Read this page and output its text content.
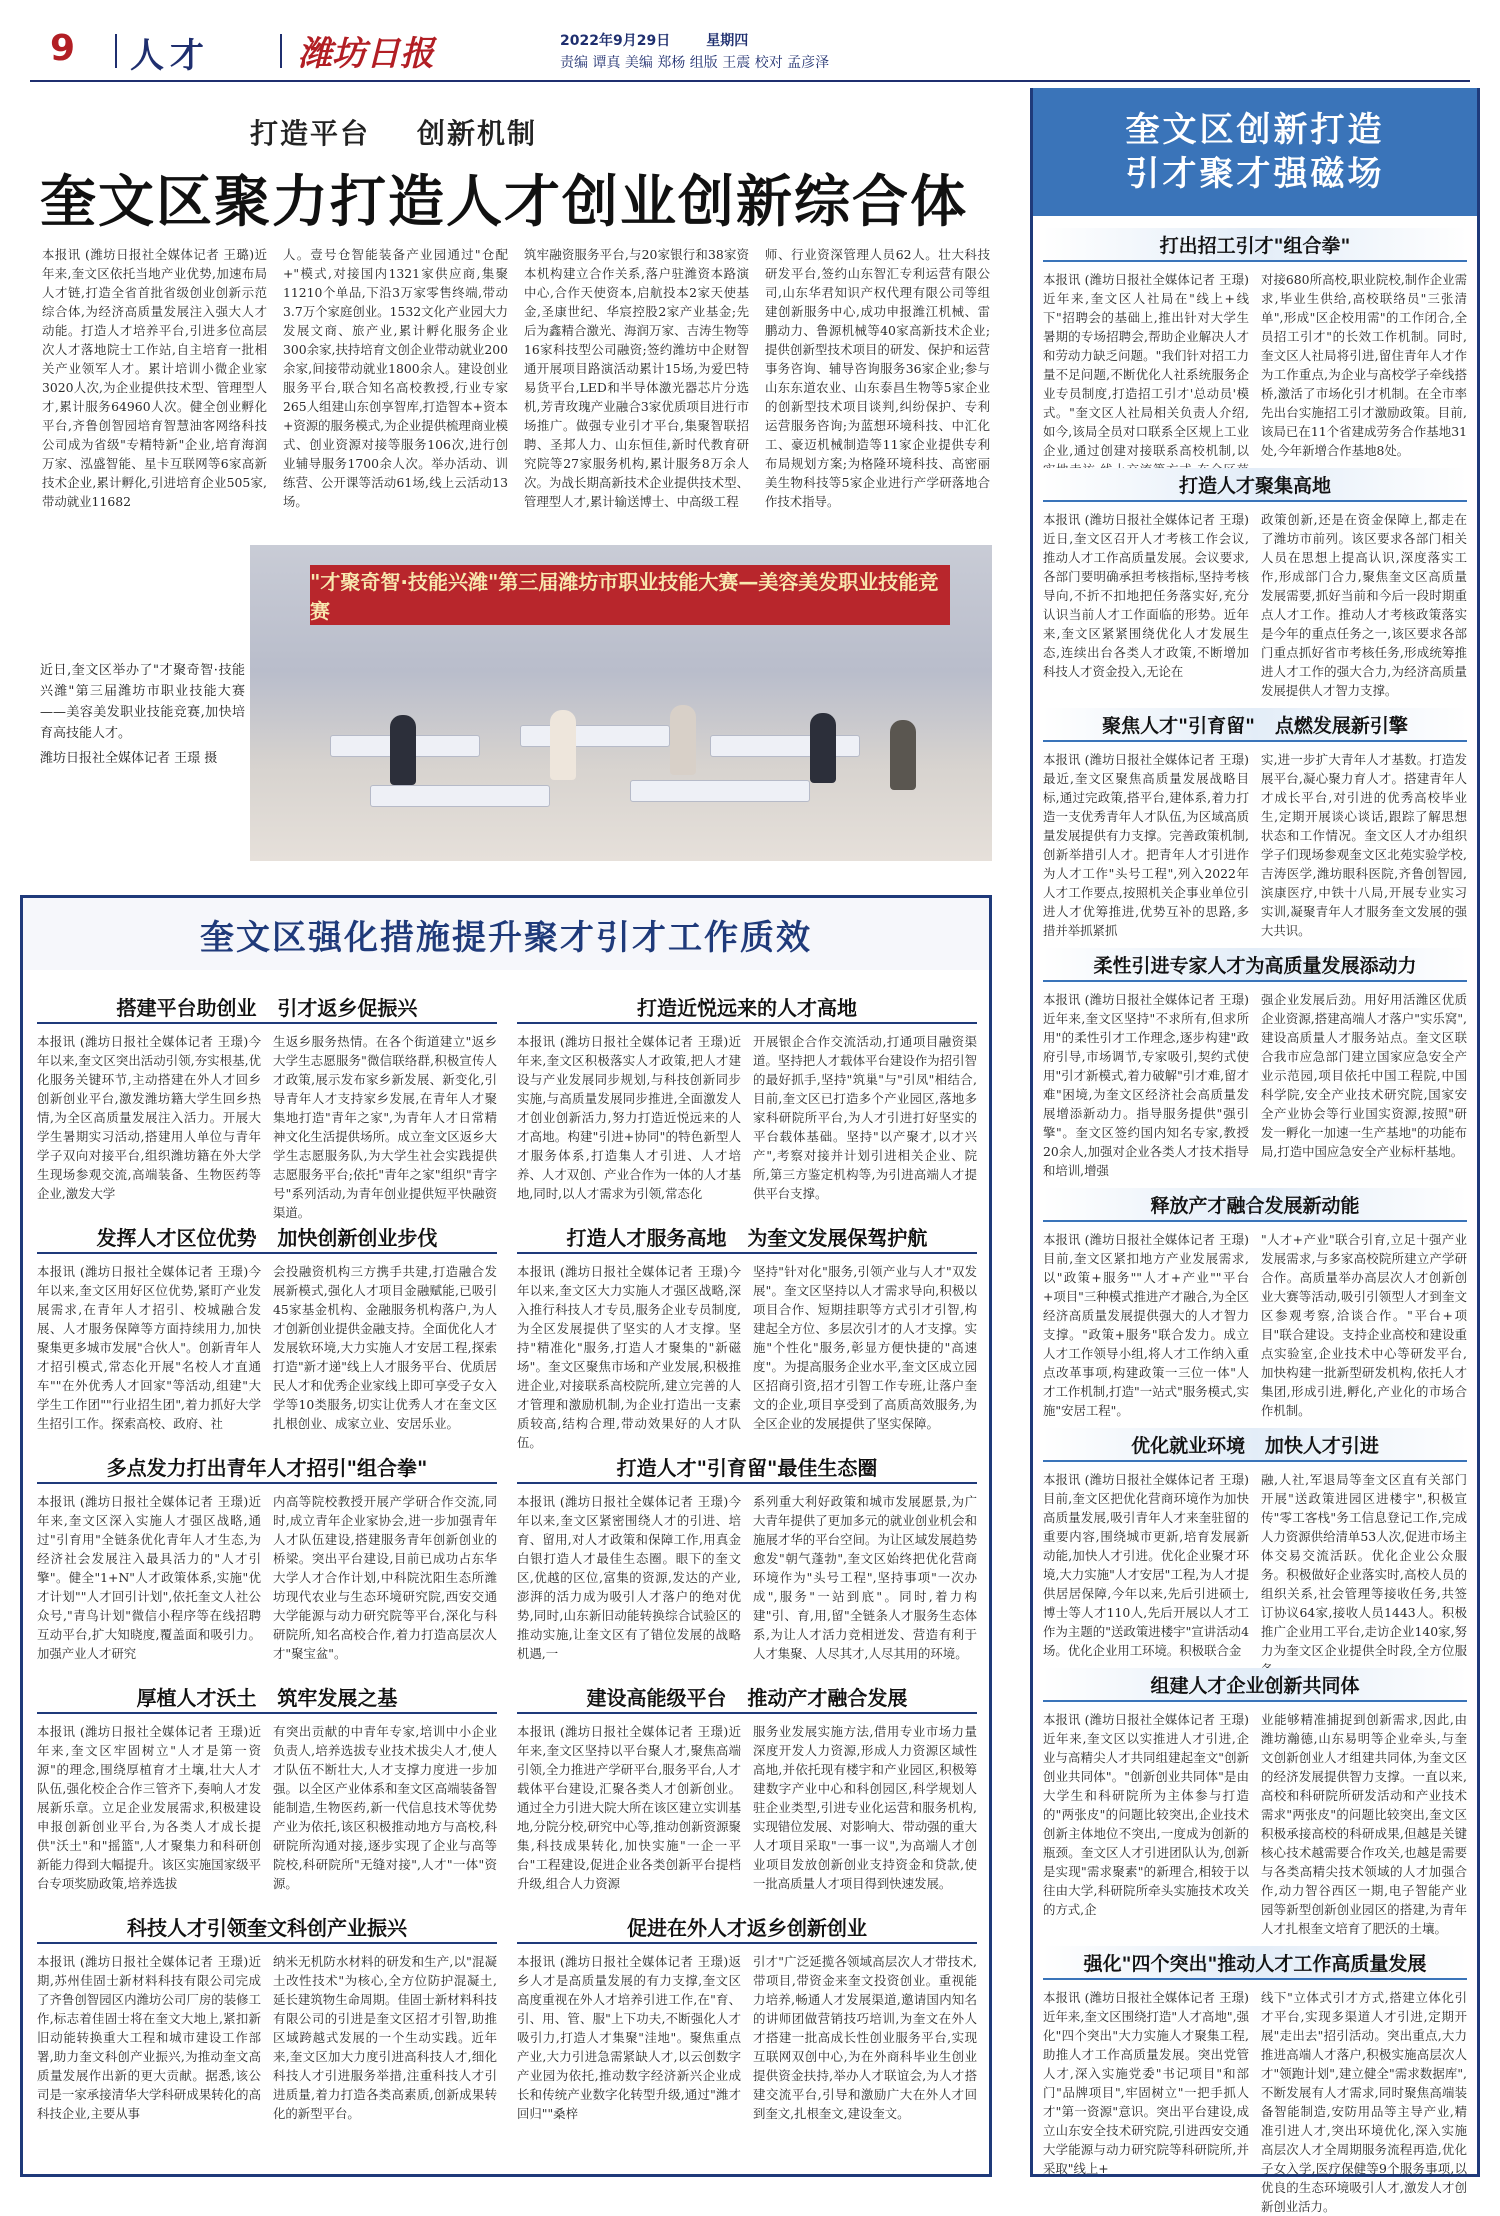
9 人才	潍坊日报	2022年9月29日	星期四
责编 谭真 美编 郑杨 组版 王震 校对 孟彦泽
打造平台    创新机制
奎文区聚力打造人才创业创新综合体
本报讯 (潍坊日报社全媒体记者 王璐)近年来,奎文区依托当地产业优势,加速布局人才链,打造全省首批省级创业创新示范综合体,为经济高质量发展注入强大人才动能。打造人才培养平台,引进多位高层次人才落地院士工作站,自主培育一批相关产业领军人才。累计培训小微企业家3020人次,为企业提供技术型、管理型人才,累计服务64960人次。健全创业孵化平台,齐鲁创智园培育智慧油客网络科技公司成为省级"专精特新"企业,培育海润万家、泓盛智能、星卡互联网等6家高新技术企业,累计孵化,引进培育企业505家,带动就业11682
人。壹号仓智能装备产业园通过"仓配+"模式,对接国内1321家供应商,集聚11210个单品,下沿3万家零售终端,带动3.7万个家庭创业。1532文化产业园大力发展文商、旅产业,累计孵化服务企业300余家,扶持培育文创企业带动就业200余家,间接带动就业1800余人。建设创业服务平台,联合知名高校教授,行业专家265人组建山东创享智库,打造智本+资本+资源的服务模式,为企业提供梳理商业模式、创业资源对接等服务106次,进行创业辅导服务1700余人次。举办活动、训练营、公开课等活动61场,线上云活动13场。
筑牢融资服务平台,与20家银行和38家资本机构建立合作关系,落户驻潍资本路演中心,合作天使资本,启航投本2家天使基金,圣康世纪、华宸控股2家产业基金;先后为鑫精合激光、海润万家、吉涛生物等16家科技型公司融资;签约潍坊中企财智通开展项目路演活动累计15场,为爱巴特易货平台,LED和半导体激光器芯片分选机,芳青玫瑰产业融合3家优质项目进行市场推广。做强专业引才平台,集聚智联招聘、圣邦人力、山东恒佳,新时代教育研究院等27家服务机构,累计服务8万余人次。为战长期高新技术企业提供技术型、管理型人才,累计输送博士、中高级工程
师、行业资深管理人员62人。壮大科技研发平台,签约山东智汇专利运营有限公司,山东华君知识产权代理有限公司等组建创新服务中心,成功申报潍江机械、雷鹏动力、鲁源机械等40家高新技术企业;提供创新型技术项目的研发、保护和运营事务咨询、辅导咨询服务36家企业;参与山东东道农业、山东泰昌生物等5家企业的创新型技术项目谈判,纠纷保护、专利运营服务咨询;为蓝想环境科技、中汇化工、豪迈机械制造等11家企业提供专利布局规划方案;为格隆环境科技、高密丽美生物科技等5家企业进行产学研落地合作技术指导。
"才聚奇智·技能兴潍"第三届潍坊市职业技能大赛—美容美发职业技能竞赛
近日,奎文区举办了"才聚奇智·技能兴潍"第三届潍坊市职业技能大赛——美容美发职业技能竞赛,加快培育高技能人才。
潍坊日报社全媒体记者 王璟 摄
奎文区强化措施提升聚才引才工作质效
搭建平台助创业   引才返乡促振兴
本报讯 (潍坊日报社全媒体记者 王璟)今年以来,奎文区突出活动引领,夯实根基,优化服务关键环节,主动搭建在外人才回乡创新创业平台,激发潍坊籍大学生回乡热情,为全区高质量发展注入活力。开展大学生暑期实习活动,搭建用人单位与青年学子双向对接平台,组织潍坊籍在外大学生现场参观交流,高端装备、生物医药等企业,激发大学
生返乡服务热情。在各个街道建立"返乡大学生志愿服务"微信联络群,积极宣传人才政策,展示发布家乡新发展、新变化,引导青年人才支持家乡发展,在青年人才聚集地打造"青年之家",为青年人才日常精神文化生活提供场所。成立奎文区返乡大学生志愿服务队,为大学生社会实践提供志愿服务平台;依托"青年之家"组织"青字号"系列活动,为青年创业提供短平快融资渠道。
打造近悦远来的人才高地
本报讯 (潍坊日报社全媒体记者 王璟)近年来,奎文区积极落实人才政策,把人才建设与产业发展同步规划,与科技创新同步实施,与高质量发展同步推进,全面激发人才创业创新活力,努力打造近悦远来的人才高地。构建"引进+协同"的特色新型人才服务体系,打造集人才引进、人才培养、人才双创、产业合作为一体的人才基地,同时,以人才需求为引领,常态化
开展银企合作交流活动,打通项目融资渠道。坚持把人才载体平台建设作为招引智的最好抓手,坚持"筑巢"与"引凤"相结合,目前,奎文区已打造多个产业园区,落地多家科研院所平台,为人才引进打好坚实的平台载体基础。坚持"以产聚才,以才兴产",考察对接并计划引进相关企业、院所,第三方鉴定机构等,为引进高端人才提供平台支撑。
发挥人才区位优势   加快创新创业步伐
本报讯 (潍坊日报社全媒体记者 王璟)今年以来,奎文区用好区位优势,紧盯产业发展需求,在青年人才招引、校城融合发展、人才服务保障等方面持续用力,加快聚集更多城市发展"合伙人"。创新青年人才招引模式,常态化开展"名校人才直通车""在外优秀人才回家"等活动,组建"大学生工作团""行业招生团",着力抓好大学生招引工作。探索高校、政府、社
会投融资机构三方携手共建,打造融合发展新模式,强化人才项目金融赋能,已吸引45家基金机构、金融服务机构落户,为人才创新创业提供金融支持。全面优化人才发展软环境,大力实施人才安居工程,探索打造"新才递"线上人才服务平台、优质居民人才和优秀企业家线上即可享受子女入学等10类服务,切实让优秀人才在奎文区扎根创业、成家立业、安居乐业。
打造人才服务高地   为奎文发展保驾护航
本报讯 (潍坊日报社全媒体记者 王璟)今年以来,奎文区大力实施人才强区战略,深入推行科技人才专员,服务企业专员制度,为全区发展提供了坚实的人才支撑。坚持"精准化"服务,打造人才聚集的"新磁场"。奎文区聚焦市场和产业发展,积极推进企业,对接联系高校院所,建立完善的人才管理和激励机制,为企业打造出一支素质较高,结构合理,带动效果好的人才队伍。
坚持"针对化"服务,引领产业与人才"双发展"。奎文区坚持以人才需求导向,积极以项目合作、短期挂职等方式引才引智,构建起全方位、多层次引才的人才支撑。实施"个性化"服务,彰显方便快捷的"高速度"。为提高服务企业水平,奎文区成立园区招商引资,招才引智工作专班,让落户奎文的企业,项目享受到了高质高效服务,为全区企业的发展提供了坚实保障。
多点发力打出青年人才招引"组合拳"
本报讯 (潍坊日报社全媒体记者 王璟)近年来,奎文区深入实施人才强区战略,通过"引育用"全链条优化青年人才生态,为经济社会发展注入最具活力的"人才引擎"。健全"1+N"人才政策体系,实施"优才计划""人才回引计划",依托奎文人社公众号,"青鸟计划"微信小程序等在线招聘互动平台,扩大知晓度,覆盖面和吸引力。加强产业人才研究
内高等院校教授开展产学研合作交流,同时,成立青年企业家协会,进一步加强青年人才队伍建设,搭建服务青年创新创业的桥梁。突出平台建设,目前已成功占东华大学人才合作计划,中科院沈阳生态所潍坊现代农业与生态环境研究院,西安交通大学能源与动力研究院等平台,深化与科研院所,知名高校合作,着力打造高层次人才"聚宝盆"。
打造人才"引育留"最佳生态圈
本报讯 (潍坊日报社全媒体记者 王璟)今年以来,奎文区紧密围绕人才的引进、培育、留用,对人才政策和保障工作,用真金白银打造人才最佳生态圈。眼下的奎文区,优越的区位,富集的资源,发达的产业,澎湃的活力成为吸引人才落户的绝对优势,同时,山东新旧动能转换综合试验区的推动实施,让奎文区有了错位发展的战略机遇,一
系列重大利好政策和城市发展愿景,为广大青年提供了更加多元的就业创业机会和施展才华的平台空间。为让区域发展趋势愈发"朝气蓬勃",奎文区始终把优化营商环境作为"头号工程",坚持事项"一次办成",服务"一站到底"。同时,着力构建"引、育,用,留"全链条人才服务生态体系,为让人才活力竞相迸发、营造有利于人才集聚、人尽其才,人尽其用的环境。
厚植人才沃土   筑牢发展之基
本报讯 (潍坊日报社全媒体记者 王璟)近年来,奎文区牢固树立"人才是第一资源"的理念,围绕厚植育才土壤,壮大人才队伍,强化校企合作三管齐下,奏响人才发展新乐章。立足企业发展需求,积极建设申报创新创业平台,为各类人才成长提供"沃土"和"摇篮",人才聚集力和科研创新能力得到大幅提升。该区实施国家级平台专项奖励政策,培养选拔
有突出贡献的中青年专家,培训中小企业负责人,培养选拔专业技术拔尖人才,使人才队伍不断壮大,人才支撑力度进一步加强。以全区产业体系和奎文区高端装备智能制造,生物医药,新一代信息技术等优势产业为依托,该区积极推动地方与高校,科研院所沟通对接,逐步实现了企业与高等院校,科研院所"无缝对接",人才"一体"资源。
建设高能级平台   推动产才融合发展
本报讯 (潍坊日报社全媒体记者 王璟)近年来,奎文区坚持以平台聚人才,聚焦高端引领,全力推进产学研平台,服务平台,人才载体平台建设,汇聚各类人才创新创业。通过全力引进大院大所在该区建立实训基地,分院分校,研究中心等,推动创新资源聚集,科技成果转化,加快实施"一企一平台"工程建设,促进企业各类创新平台提档升级,组合人力资源
服务业发展实施方法,借用专业市场力量深度开发人力资源,形成人力资源区域性高地,并依托现有楼宇和产业园区,积极筹建数字产业中心和科创园区,科学规划人驻企业类型,引进专业化运营和服务机构,实现错位发展、对影响大、带动强的重大人才项目采取"一事一议",为高端人才创业项目发放创新创业支持资金和贷款,使一批高质量人才项目得到快速发展。
科技人才引领奎文科创产业振兴
本报讯 (潍坊日报社全媒体记者 王璟)近期,苏州佳固士新材料科技有限公司完成了齐鲁创智园区内潍坊公司厂房的装修工作,标志着佳固士将在奎文大地上,紧扣新旧动能转换重大工程和城市建设工作部署,助力奎文科创产业振兴,为推动奎文高质量发展作出新的更大贡献。据悉,该公司是一家承接清华大学科研成果转化的高科技企业,主要从事
纳米无机防水材料的研发和生产,以"混凝土改性技术"为核心,全方位防护混凝土,延长建筑物生命周期。佳固士新材料科技有限公司的引进是奎文区招才引智,助推区域跨越式发展的一个生动实践。近年来,奎文区加大力度引进高科技人才,细化科技人才引进服务举措,注重科技人才引进质量,着力打造各类高素质,创新成果转化的新型平台。
促进在外人才返乡创新创业
本报讯 (潍坊日报社全媒体记者 王璟)返乡人才是高质量发展的有力支撑,奎文区高度重视在外人才培养引进工作,在"育、引、用、管、服"上下功夫,不断强化人才吸引力,打造人才集聚"洼地"。聚焦重点产业,大力引进急需紧缺人才,以云创数字产业园为依托,推动数字经济新兴企业成长和传统产业数字化转型升级,通过"潍才回归""桑梓
引才"广泛延揽各领域高层次人才带技术,带项目,带资金来奎文投资创业。重视能力培养,畅通人才发展渠道,邀请国内知名的讲师团做营销技巧培训,为奎文在外人才搭建一批高成长性创业服务平台,实现互联网双创中心,为在外商科毕业生创业提供资金扶持,举办人才联谊会,为人才搭建交流平台,引导和激励广大在外人才回到奎文,扎根奎文,建设奎文。
奎文区创新打造
引才聚才强磁场
打出招工引才"组合拳"
本报讯 (潍坊日报社全媒体记者 王璟)近年来,奎文区人社局在"线上+线下"招聘会的基础上,推出针对大学生暑期的专场招聘会,帮助企业解决人才和劳动力缺乏问题。"我们针对招工力量不足问题,不断优化人社系统服务企业专员制度,打造招工引才'总动员'模式。"奎文区人社局相关负责人介绍,如今,该局全员对口联系全区规上工业企业,通过创建对接联系高校机制,以
对接680所高校,职业院校,制作企业需求,毕业生供给,高校联络员"三张清单",形成"区企校用需"的工作闭合,全员招工引才"的长效工作机制。同时,奎文区人社局将引进,留住青年人才作为工作重点,为企业与高校学子牵线搭桥,激活了市场化引才机制。在全市率先出台实施招工引才激励政策。目前,该局已在11个省建成劳务合作基地31处,今年新增合作基地8处。
打造人才聚集高地
本报讯 (潍坊日报社全媒体记者 王璟)近日,奎文区召开人才考核工作会议,推动人才工作高质量发展。会议要求,各部门要明确承担考核指标,坚持考核导向,不折不扣地把任务落实好,充分认识当前人才工作面临的形势。近年来,奎文区紧紧围绕优化人才发展生态,连续出台各类人才政策,不断增加科技人才资金投入,无论在
政策创新,还是在资金保障上,都走在了潍坊市前列。该区要求各部门相关人员在思想上提高认识,深度落实工作,形成部门合力,聚焦奎文区高质量发展需要,抓好当前和今后一段时期重点人才工作。推动人才考核政策落实是今年的重点任务之一,该区要求各部门重点抓好省市考核任务,形成统筹推进人才工作的强大合力,为经济高质量发展提供人才智力支撑。
聚焦人才"引育留"   点燃发展新引擎
本报讯 (潍坊日报社全媒体记者 王璟)最近,奎文区聚焦高质量发展战略目标,通过完政策,搭平台,建体系,着力打造一支优秀青年人才队伍,为区域高质量发展提供有力支撑。完善政策机制,创新举措引人才。把青年人才引进作为人才工作"头号工程",列入2022年人才工作要点,按照机关企事业单位引进人才优筹推进,优势互补的思路,多措并举抓紧抓
实,进一步扩大青年人才基数。打造发展平台,凝心聚力育人才。搭建青年人才成长平台,对引进的优秀高校毕业生,定期开展谈心谈话,跟踪了解思想状态和工作情况。奎文区人才办组织学子们现场参观奎文区北苑实验学校,吉涛医学,潍坊眼科医院,齐鲁创智园,滨康医疗,中铁十八局,开展专业实习实训,凝聚青年人才服务奎文发展的强大共识。
柔性引进专家人才为高质量发展添动力
本报讯 (潍坊日报社全媒体记者 王璟)近年来,奎文区坚持"不求所有,但求所用"的柔性引才工作理念,逐步构建"政府引导,市场调节,专家吸引,契约式使用"引才新模式,着力破解"引才难,留才难"困境,为奎文区经济社会高质量发展增添新动力。指导服务提供"强引擎"。奎文区签约国内知名专家,教授20余人,加强对企业各类人才技术指导和培训,增强
强企业发展后劲。用好用活潍区优质企业资源,搭建高端人才落户"实乐窝",建设高质量人才服务站点。奎文区联合我市应急部门建立国家应急安全产业示范园,项目依托中国工程院,中国科学院,安全产业技术研究院,国家安全产业协会等行业国实资源,按照"研发一孵化一加速一生产基地"的功能布局,打造中国应急安全产业标杆基地。
释放产才融合发展新动能
本报讯 (潍坊日报社全媒体记者 王璟)目前,奎文区紧扣地方产业发展需求,以"政策+服务""人才+产业""平台+项目"三种模式推进产才融合,为全区经济高质量发展提供强大的人才智力支撑。"政策+服务"联合发力。成立人才工作领导小组,将人才工作纳入重点改革事项,构建政策一三位一体"人才工作机制,打造"一站式"服务模式,实施"安居工程"。
"人才+产业"联合引育,立足十强产业发展需求,与多家高校院所建立产学研合作。高质量举办高层次人才创新创业大赛等活动,吸引引领型人才到奎文区参观考察,洽谈合作。"平台+项目"联合建设。支持企业高校和建设重点实验室,企业技术中心等研发平台,加快构建一批新型研发机构,依托人才集团,形成引进,孵化,产业化的市场合作机制。
优化就业环境   加快人才引进
本报讯 (潍坊日报社全媒体记者 王璟)目前,奎文区把优化营商环境作为加快高质量发展,吸引青年人才来奎驻留的重要内容,围绕城市更新,培育发展新动能,加快人才引进。优化企业聚才环境,大力实施"人才安居"工程,为人才提供居居保障,今年以来,先后引进硕士,博士等人才110人,先后开展以人才工作为主题的"送政策进楼宇"宣讲活动4场。优化企业用工环境。积极联合金
融,人社,军退局等奎文区直有关部门开展"送政策进园区进楼宇",积极宣传"零工客栈"务工信息登记工作,完成人力资源供给清单53人次,促进市场主体交易交流活跃。优化企业公众服务。积极做好企业落实时,高校人员的组织关系,社会管理等接收任务,共签订协议64家,接收人员1443人。积极推广企业用工平台,走访企业140家,努力为奎文区企业提供全时段,全方位服
组建人才企业创新共同体
本报讯 (潍坊日报社全媒体记者 王璟)近年来,奎文区以实推进人才引进,企业与高精尖人才共同组建起奎文"创新创业共同体"。"创新创业共同体"是由大学生和科研院所为主体参与打造的"两张皮"的问题比较突出,企业技术创新主体地位不突出,一度成为创新的瓶颈。奎文区人才引进团队认为,创新是实现"需求聚素"的新理合,相较于以往由大学,科研院所牵头实施技术攻关的方式,企
业能够精准捕捉到创新需求,因此,由潍坊瀚德,山东易明等企业牵头,与奎文创新创业人才组建共同体,为奎文区的经济发展提供智力支撑。一直以来,高校和科研院所研发活动和产业技术需求"两张皮"的问题比较突出,奎文区积极承接高校的科研成果,但越是关键核心技术越需要合作攻关,也越是需要与各类高精尖技术领域的人才加强合作,动力智谷西区一期,电子智能产业园等新型创新创业园区的搭建,为青年人才扎根奎文培育了肥沃的土壤。
强化"四个突出"推动人才工作高质量发展
本报讯 (潍坊日报社全媒体记者 王璟)近年来,奎文区围绕打造"人才高地",强化"四个突出"大力实施人才聚集工程,助推人才工作高质量发展。突出党管人才,深入实施党委"书记项目"和部门"品牌项目",牢固树立"一把手抓人才"第一资源"意识。突出平台建设,成立山东安全技术研究院,引进西安交通大学能源与动力研究院等科研院所,并采取"线上+
线下"立体式引才方式,搭建立体化引才平台,实现多渠道人才引进,定期开展"走出去"招引活动。突出重点,大力推进高端人才落户,积极实施高层次人才"领跑计划",建立健全"需求数据库",不断发展有人才需求,同时聚焦高端装备智能制造,安防用品等主导产业,精准引进人才,突出环境优化,深入实施高层次人才全周期服务流程再造,优化子女入学,医疗保健等9个服务事项,以优良的生态环境吸引人才,激发人才创新创业活力。
